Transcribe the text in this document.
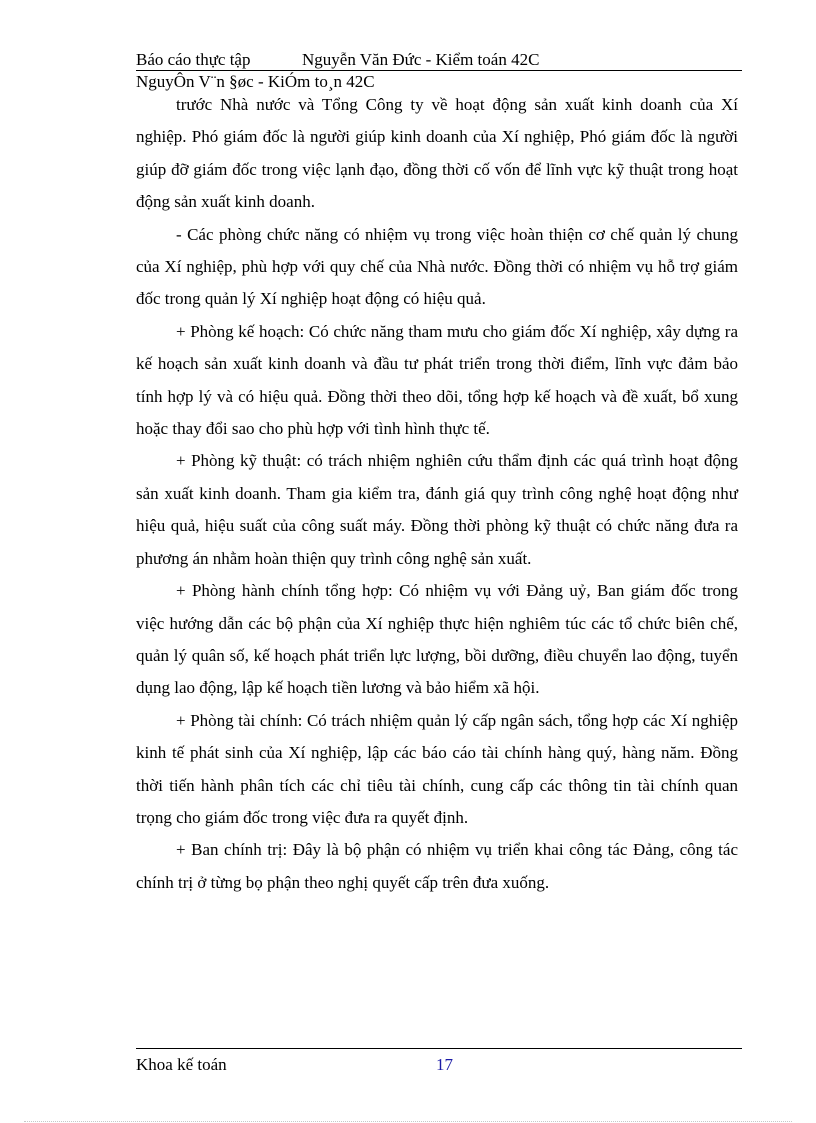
Báo cáo thực tập	Nguyễn Văn Đức - Kiểm toán 42C
NguyÔn V¨n §øc - KiÓm to¸n 42C

trước Nhà nước và Tổng Công ty về hoạt động sản xuất kinh doanh của Xí nghiệp. Phó giám đốc là người giúp kinh doanh của Xí nghiệp, Phó giám đốc là người giúp đỡ giám đốc trong việc lạnh đạo, đồng thời cố vốn để lĩnh vực kỹ thuật trong hoạt động sản xuất kinh doanh.

- Các phòng chức năng có nhiệm vụ trong việc hoàn thiện cơ chế quản lý chung của Xí nghiệp, phù hợp với quy chế của Nhà nước. Đồng thời có nhiệm vụ hỗ trợ giám đốc trong quản lý Xí nghiệp hoạt động có hiệu quả.

+ Phòng kế hoạch: Có chức năng tham mưu cho giám đốc Xí nghiệp, xây dựng ra kế hoạch sản xuất kinh doanh và đầu tư phát triển trong thời điểm, lĩnh vực đảm bảo tính hợp lý và có hiệu quả. Đồng thời theo dõi, tổng hợp kế hoạch và đề xuất, bổ xung hoặc thay đổi sao cho phù hợp với tình hình thực tế.

+ Phòng kỹ thuật: có trách nhiệm nghiên cứu thẩm định các quá trình hoạt động sản xuất kinh doanh. Tham gia kiểm tra, đánh giá quy trình công nghệ hoạt động như hiệu quả, hiệu suất của công suất máy. Đồng thời phòng kỹ thuật có chức năng đưa ra phương án nhằm hoàn thiện quy trình công nghệ sản xuất.

+ Phòng hành chính tổng hợp: Có nhiệm vụ với Đảng uỷ, Ban giám đốc trong việc hướng dẫn các bộ phận của Xí nghiệp thực hiện nghiêm túc các tổ chức biên chế, quản lý quân số, kế hoạch phát triển lực lượng, bồi dưỡng, điều chuyển lao động, tuyển dụng lao động, lập kế hoạch tiền lương và bảo hiểm xã hội.

+ Phòng tài chính: Có trách nhiệm quản lý cấp ngân sách, tổng hợp các Xí nghiệp kinh tế phát sinh của Xí nghiệp, lập các báo cáo tài chính hàng quý, hàng năm. Đồng thời tiến hành phân tích các chỉ tiêu tài chính, cung cấp các thông tin tài chính quan trọng cho giám đốc trong việc đưa ra quyết định.

+ Ban chính trị: Đây là bộ phận có nhiệm vụ triển khai công tác Đảng, công tác chính trị ở từng bọ phận theo nghị quyết cấp trên đưa xuống.

Khoa kế toán	17
